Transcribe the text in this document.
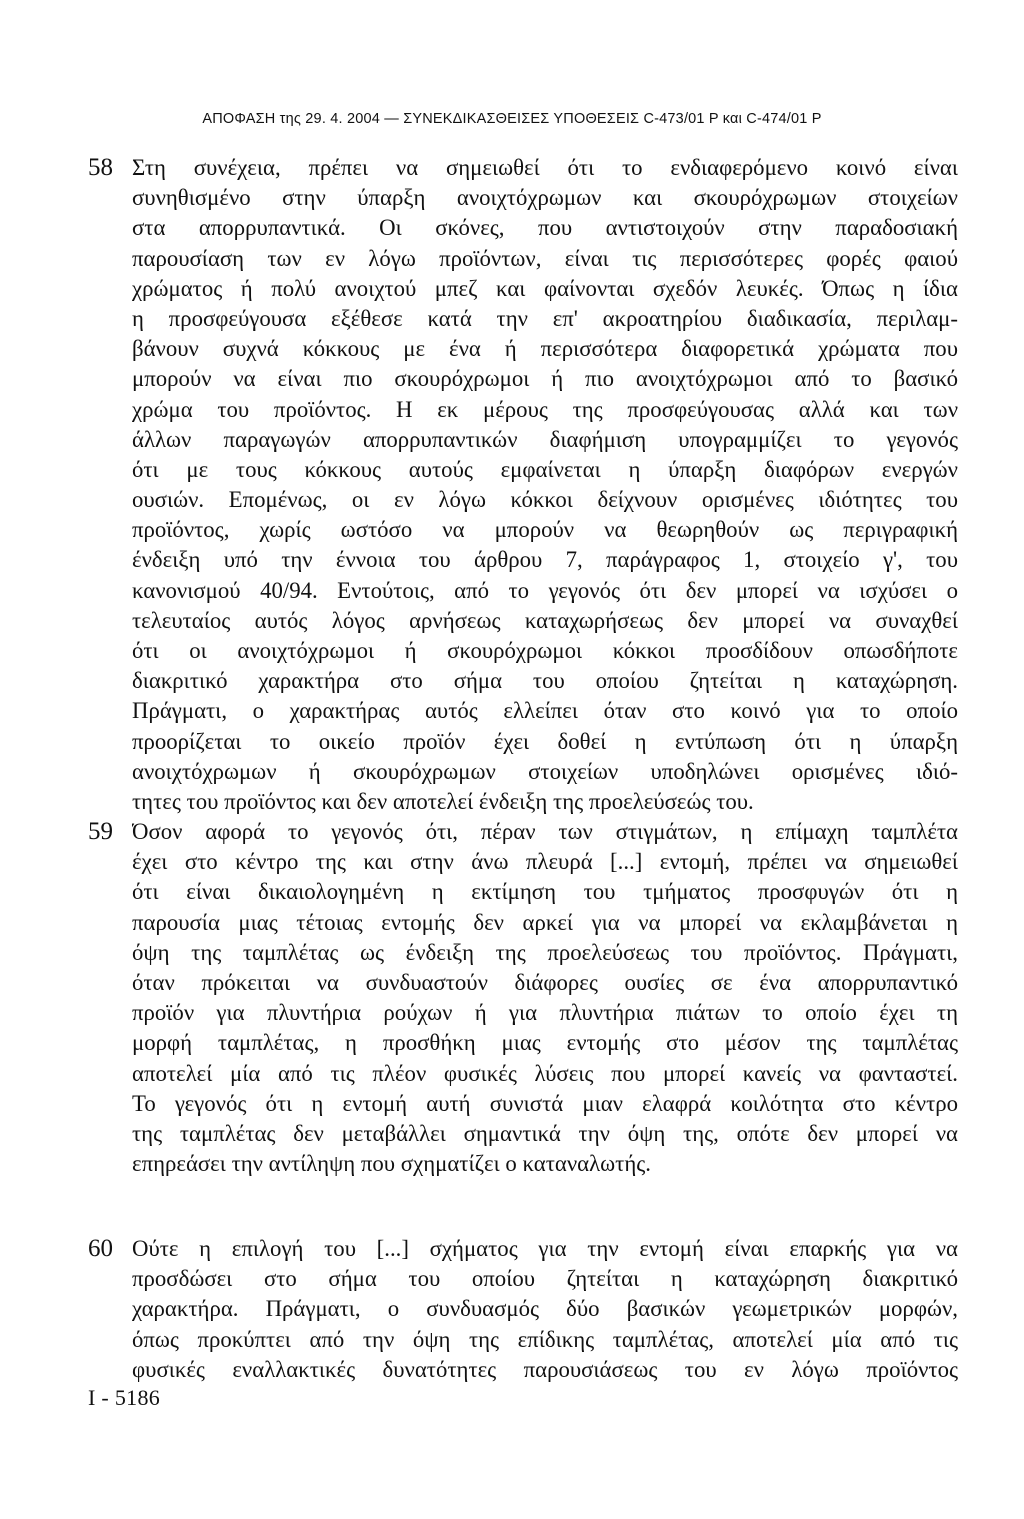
ΑΠΟΦΑΣΗ της 29. 4. 2004 — ΣΥΝΕΚΔΙΚΑΣΘΕΙΣΕΣ ΥΠΟΘΕΣΕΙΣ C-473/01 P και C-474/01 P
58 Στη συνέχεια, πρέπει να σημειωθεί ότι το ενδιαφερόμενο κοινό είναι
συνηθισμένο στην ύπαρξη ανοιχτόχρωμων και σκουρόχρωμων στοιχείων
στα απορρυπαντικά. Οι σκόνες, που αντιστοιχούν στην παραδοσιακή
παρουσίαση των εν λόγω προϊόντων, είναι τις περισσότερες φορές φαιού
χρώματος ή πολύ ανοιχτού μπεζ και φαίνονται σχεδόν λευκές. Όπως η ίδια
η προσφεύγουσα εξέθεσε κατά την επ' ακροατηρίου διαδικασία, περιλαμ-
βάνουν συχνά κόκκους με ένα ή περισσότερα διαφορετικά χρώματα που
μπορούν να είναι πιο σκουρόχρωμοι ή πιο ανοιχτόχρωμοι από το βασικό
χρώμα του προϊόντος. Η εκ μέρους της προσφεύγουσας αλλά και των
άλλων παραγωγών απορρυπαντικών διαφήμιση υπογραμμίζει το γεγονός
ότι με τους κόκκους αυτούς εμφαίνεται η ύπαρξη διαφόρων ενεργών
ουσιών. Επομένως, οι εν λόγω κόκκοι δείχνουν ορισμένες ιδιότητες του
προϊόντος, χωρίς ωστόσο να μπορούν να θεωρηθούν ως περιγραφική
ένδειξη υπό την έννοια του άρθρου 7, παράγραφος 1, στοιχείο γ', του
κανονισμού 40/94. Εντούτοις, από το γεγονός ότι δεν μπορεί να ισχύσει ο
τελευταίος αυτός λόγος αρνήσεως καταχωρήσεως δεν μπορεί να συναχθεί
ότι οι ανοιχτόχρωμοι ή σκουρόχρωμοι κόκκοι προσδίδουν οπωσδήποτε
διακριτικό χαρακτήρα στο σήμα του οποίου ζητείται η καταχώρηση.
Πράγματι, ο χαρακτήρας αυτός ελλείπει όταν στο κοινό για το οποίο
προορίζεται το οικείο προϊόν έχει δοθεί η εντύπωση ότι η ύπαρξη
ανοιχτόχρωμων ή σκουρόχρωμων στοιχείων υποδηλώνει ορισμένες ιδιό-
τητες του προϊόντος και δεν αποτελεί ένδειξη της προελεύσεώς του.
59 Όσον αφορά το γεγονός ότι, πέραν των στιγμάτων, η επίμαχη ταμπλέτα
έχει στο κέντρο της και στην άνω πλευρά [...] εντομή, πρέπει να σημειωθεί
ότι είναι δικαιολογημένη η εκτίμηση του τμήματος προσφυγών ότι η
παρουσία μιας τέτοιας εντομής δεν αρκεί για να μπορεί να εκλαμβάνεται η
όψη της ταμπλέτας ως ένδειξη της προελεύσεως του προϊόντος. Πράγματι,
όταν πρόκειται να συνδυαστούν διάφορες ουσίες σε ένα απορρυπαντικό
προϊόν για πλυντήρια ρούχων ή για πλυντήρια πιάτων το οποίο έχει τη
μορφή ταμπλέτας, η προσθήκη μιας εντομής στο μέσον της ταμπλέτας
αποτελεί μία από τις πλέον φυσικές λύσεις που μπορεί κανείς να φανταστεί.
Το γεγονός ότι η εντομή αυτή συνιστά μιαν ελαφρά κοιλότητα στο κέντρο
της ταμπλέτας δεν μεταβάλλει σημαντικά την όψη της, οπότε δεν μπορεί να
επηρεάσει την αντίληψη που σχηματίζει ο καταναλωτής.
60 Ούτε η επιλογή του [...] σχήματος για την εντομή είναι επαρκής για να
προσδώσει στο σήμα του οποίου ζητείται η καταχώρηση διακριτικό
χαρακτήρα. Πράγματι, ο συνδυασμός δύο βασικών γεωμετρικών μορφών,
όπως προκύπτει από την όψη της επίδικης ταμπλέτας, αποτελεί μία από τις
φυσικές εναλλακτικές δυνατότητες παρουσιάσεως του εν λόγω προϊόντος
I - 5186
